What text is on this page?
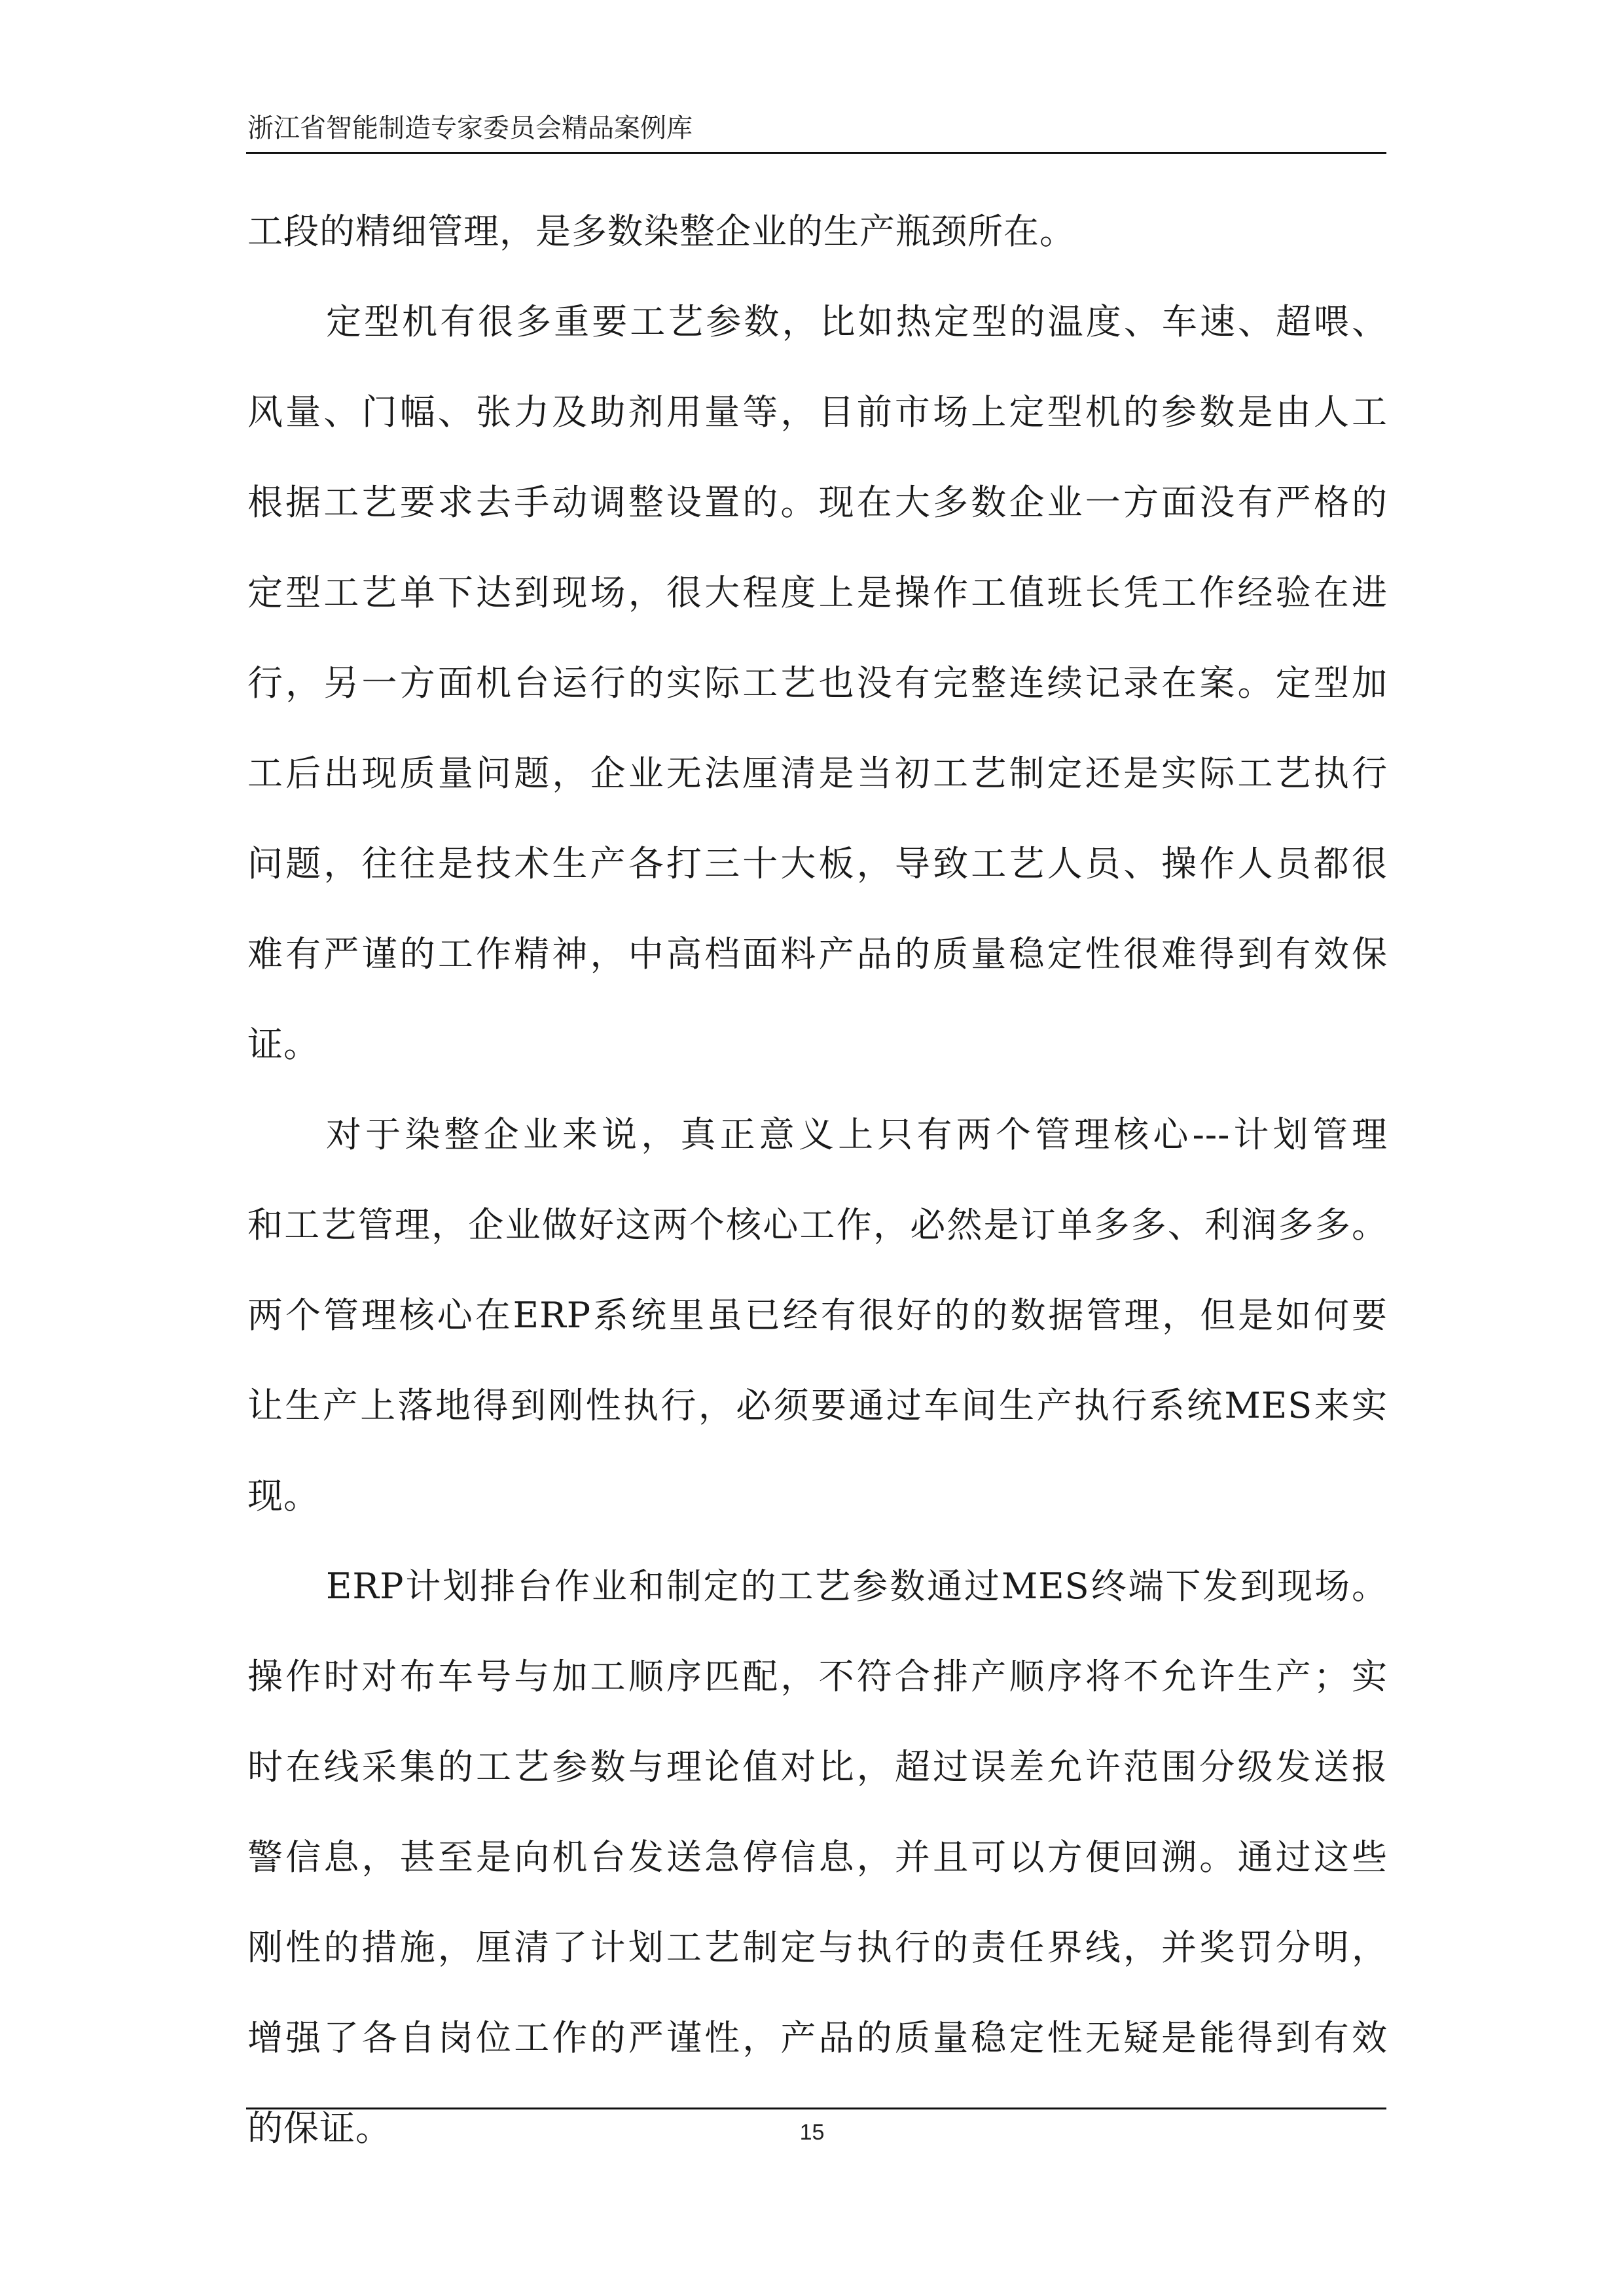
浙江省智能制造专家委员会精品案例库
工段的精细管理，是多数染整企业的生产瓶颈所在。
定型机有很多重要工艺参数，比如热定型的温度、车速、超喂、
风量、门幅、张力及助剂用量等，目前市场上定型机的参数是由人工
根据工艺要求去手动调整设置的。现在大多数企业一方面没有严格的
定型工艺单下达到现场，很大程度上是操作工值班长凭工作经验在进
行，另一方面机台运行的实际工艺也没有完整连续记录在案。定型加
工后出现质量问题，企业无法厘清是当初工艺制定还是实际工艺执行
问题，往往是技术生产各打三十大板，导致工艺人员、操作人员都很
难有严谨的工作精神，中高档面料产品的质量稳定性很难得到有效保
证。
对于染整企业来说，真正意义上只有两个管理核心---计划管理
和工艺管理，企业做好这两个核心工作，必然是订单多多、利润多多。
两个管理核心在ERP系统里虽已经有很好的的数据管理，但是如何要
让生产上落地得到刚性执行，必须要通过车间生产执行系统MES来实
现。
ERP计划排台作业和制定的工艺参数通过MES终端下发到现场。
操作时对布车号与加工顺序匹配，不符合排产顺序将不允许生产；实
时在线采集的工艺参数与理论值对比，超过误差允许范围分级发送报
警信息，甚至是向机台发送急停信息，并且可以方便回溯。通过这些
刚性的措施，厘清了计划工艺制定与执行的责任界线，并奖罚分明，
增强了各自岗位工作的严谨性，产品的质量稳定性无疑是能得到有效
的保证。	15
